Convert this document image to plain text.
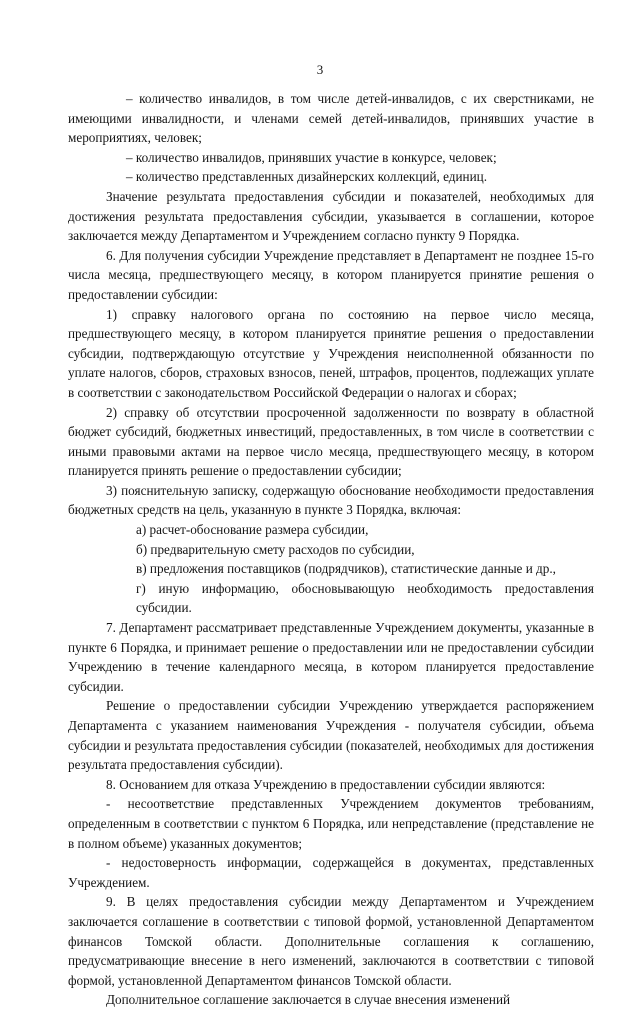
3

– количество инвалидов, в том числе детей-инвалидов, с их сверстниками, не имеющими инвалидности, и членами семей детей-инвалидов, принявших участие в мероприятиях, человек;

– количество инвалидов, принявших участие в конкурсе, человек;

– количество представленных дизайнерских коллекций, единиц.

Значение результата предоставления субсидии и показателей, необходимых для достижения результата предоставления субсидии, указывается в соглашении, которое заключается между Департаментом и Учреждением согласно пункту 9 Порядка.

6. Для получения субсидии Учреждение представляет в Департамент не позднее 15-го числа месяца, предшествующего месяцу, в котором планируется принятие решения о предоставлении субсидии:

1) справку налогового органа по состоянию на первое число месяца, предшествующего месяцу, в котором планируется принятие решения о предоставлении субсидии, подтверждающую отсутствие у Учреждения неисполненной обязанности по уплате налогов, сборов, страховых взносов, пеней, штрафов, процентов, подлежащих уплате в соответствии с законодательством Российской Федерации о налогах и сборах;

2) справку об отсутствии просроченной задолженности по возврату в областной бюджет субсидий, бюджетных инвестиций, предоставленных, в том числе в соответствии с иными правовыми актами на первое число месяца, предшествующего месяцу, в котором планируется принять решение о предоставлении субсидии;

3) пояснительную записку, содержащую обоснование необходимости предоставления бюджетных средств на цель, указанную в пункте 3 Порядка, включая:

а) расчет-обоснование размера субсидии,

б) предварительную смету расходов по субсидии,

в) предложения поставщиков (подрядчиков), статистические данные и др.,

г) иную информацию, обосновывающую необходимость предоставления субсидии.

7. Департамент рассматривает представленные Учреждением документы, указанные в пункте 6 Порядка, и принимает решение о предоставлении или не предоставлении субсидии Учреждению в течение календарного месяца, в котором планируется предоставление субсидии.

Решение о предоставлении субсидии Учреждению утверждается распоряжением Департамента с указанием наименования Учреждения - получателя субсидии, объема субсидии и результата предоставления субсидии (показателей, необходимых для достижения результата предоставления субсидии).

8. Основанием для отказа Учреждению в предоставлении субсидии являются:

- несоответствие представленных Учреждением документов требованиям, определенным в соответствии с пунктом 6 Порядка, или непредставление (представление не в полном объеме) указанных документов;

- недостоверность информации, содержащейся в документах, представленных Учреждением.

9. В целях предоставления субсидии между Департаментом и Учреждением заключается соглашение в соответствии с типовой формой, установленной Департаментом финансов Томской области. Дополнительные соглашения к соглашению, предусматривающие внесение в него изменений, заключаются в соответствии с типовой формой, установленной Департаментом финансов Томской области.

Дополнительное соглашение заключается в случае внесения изменений
